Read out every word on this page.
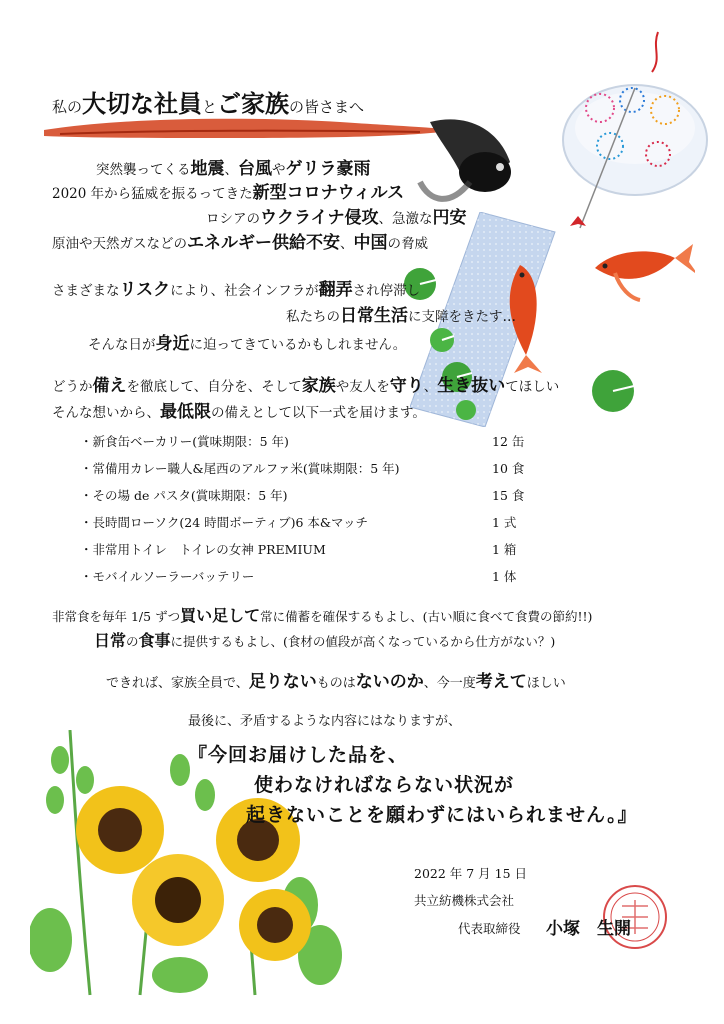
私の大切な社員とご家族の皆さまへ
突然襲ってくる地震、台風やゲリラ豪雨
2020 年から猛威を振るってきた新型コロナウィルス
ロシアのウクライナ侵攻、急激な円安
原油や天然ガスなどのエネルギー供給不安、中国の脅威
さまざまなリスクにより、社会インフラが翻弄され停滞し
私たちの日常生活に支障をきたす…
そんな日が身近に迫ってきているかもしれません。
どうか備えを徹底して、自分を、そして家族や友人を守り、生き抜いてほしい
そんな想いから、最低限の備えとして以下一式を届けます。
・新食缶ベーカリー(賞味期限：5 年)	12 缶
・常備用カレー職人&尾西のアルファ米(賞味期限：5 年)	10 食
・その場 de パスタ(賞味期限：5 年)	15 食
・長時間ローソク(24 時間ボーティブ)6 本&マッチ	1 式
・非常用トイレ　トイレの女神 PREMIUM	1 箱
・モバイルソーラーバッテリー	1 体
非常食を毎年 1/5 ずつ買い足して常に備蓄を確保するもよし、(古い順に食べて食費の節約!!)
日常の食事に提供するもよし、(食材の値段が高くなっているから仕方がない？)
できれば、家族全員で、足りないものはないのか、今一度考えてほしい
最後に、矛盾するような内容にはなりますが、
『今回お届けした品を、
使わなければならない状況が
起きないことを願わずにはいられません。』
2022 年 7 月 15 日
共立紡機株式会社
代表取締役 小塚　生開
